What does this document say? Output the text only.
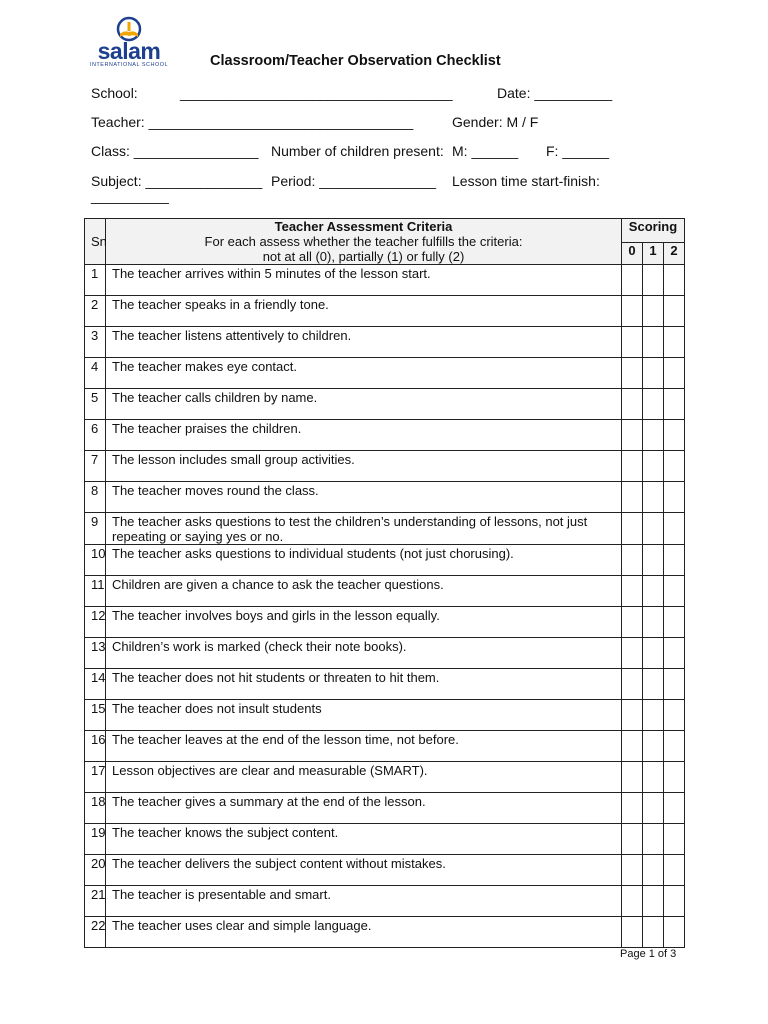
salam
INTERNATIONAL SCHOOL	Classroom/Teacher Observation Checklist
School:	___________________________________	Date: __________
Teacher: __________________________________	Gender: M / F
Class: ________________ Number of children present: M: ______ F: ______
Subject: _______________ Period: _______________ Lesson time start-finish:
__________
Sn	Teacher Assessment Criteria
For each assess whether the teacher fulfills the criteria:
not at all (0), partially (1) or fully (2)	Scoring		
		0	1	2
1	The teacher arrives within 5 minutes of the lesson start.			
2	The teacher speaks in a friendly tone.			
3	The teacher listens attentively to children.			
4	The teacher makes eye contact.			
5	The teacher calls children by name.			
6	The teacher praises the children.			
7	The lesson includes small group activities.			
8	The teacher moves round the class.			
9	The teacher asks questions to test the children’s understanding of lessons, not just repeating or saying yes or no.			
10	The teacher asks questions to individual students (not just chorusing).			
11	Children are given a chance to ask the teacher questions.			
12	The teacher involves boys and girls in the lesson equally.			
13	Children’s work is marked (check their note books).			
14	The teacher does not hit students or threaten to hit them.			
15	The teacher does not insult students			
16	The teacher leaves at the end of the lesson time, not before.			
17	Lesson objectives are clear and measurable (SMART).			
18	The teacher gives a summary at the end of the lesson.			
19	The teacher knows the subject content.			
20	The teacher delivers the subject content without mistakes.			
21	The teacher is presentable and smart.			
22	The teacher uses clear and simple language.			
Page 1 of 3
